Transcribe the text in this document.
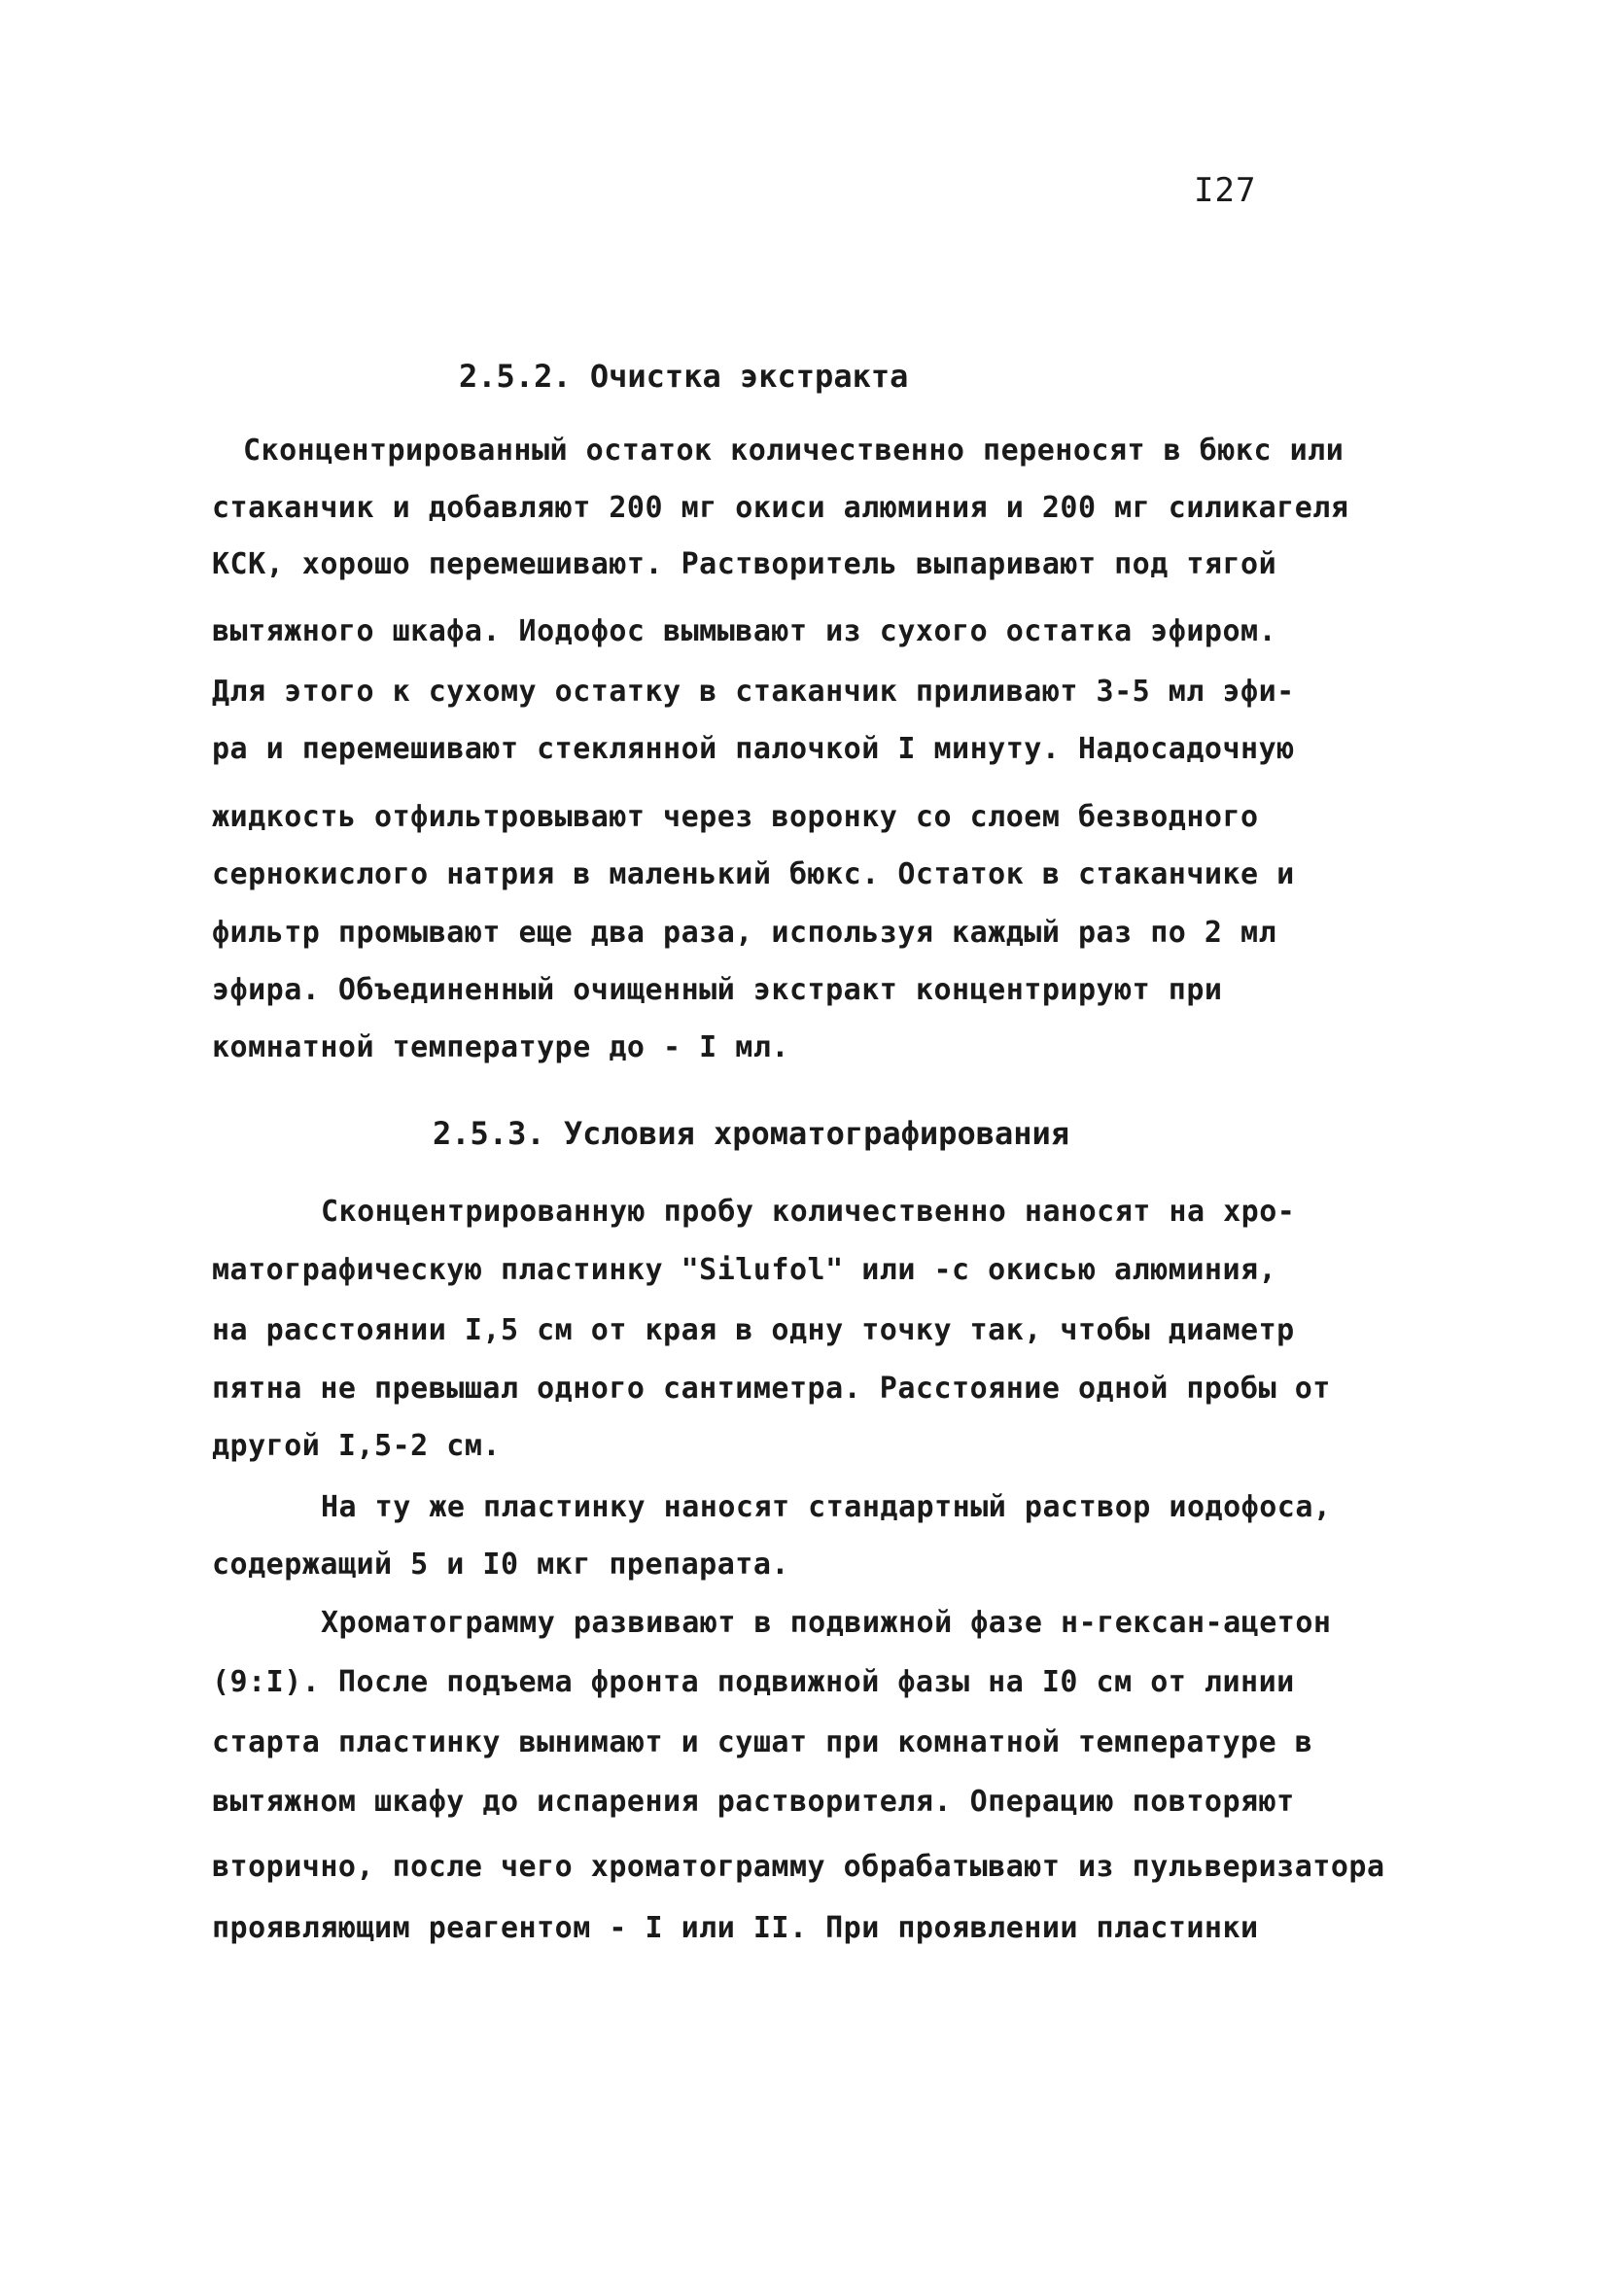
I27
2.5.2. Очистка экстракта
Сконцентрированный остаток количественно переносят в бюкс или
стаканчик и добавляют 200 мг окиси алюминия и 200 мг силикагеля
КСК, хорошо перемешивают. Растворитель выпаривают под тягой
вытяжного шкафа. Иодофос вымывают из сухого остатка эфиром.
Для этого к сухому остатку в стаканчик приливают 3-5 мл эфи-
ра и перемешивают стеклянной палочкой I минуту. Надосадочную
жидкость отфильтровывают через воронку со слоем безводного
сернокислого натрия в маленький бюкс. Остаток в стаканчике и
фильтр промывают еще два раза, используя каждый раз по 2 мл
эфира. Объединенный очищенный экстракт концентрируют при
комнатной температуре до - I мл.
2.5.3. Условия хроматографирования
Сконцентрированную пробу количественно наносят на хро-
матографическую пластинку "Silufol" или -с окисью алюминия,
на расстоянии I,5 см от края в одну точку так, чтобы диаметр
пятна не превышал одного сантиметра. Расстояние одной пробы от
другой I,5-2 см.
На ту же пластинку наносят стандартный раствор иодофоса,
содержащий 5 и I0 мкг препарата.
Хроматограмму развивают в подвижной фазе н-гексан-ацетон
(9:I). После подъема фронта подвижной фазы на I0 см от линии
старта пластинку вынимают и сушат при комнатной температуре в
вытяжном шкафу до испарения растворителя. Операцию повторяют
вторично, после чего хроматограмму обрабатывают из пульверизатора
проявляющим реагентом - I или II. При проявлении пластинки
